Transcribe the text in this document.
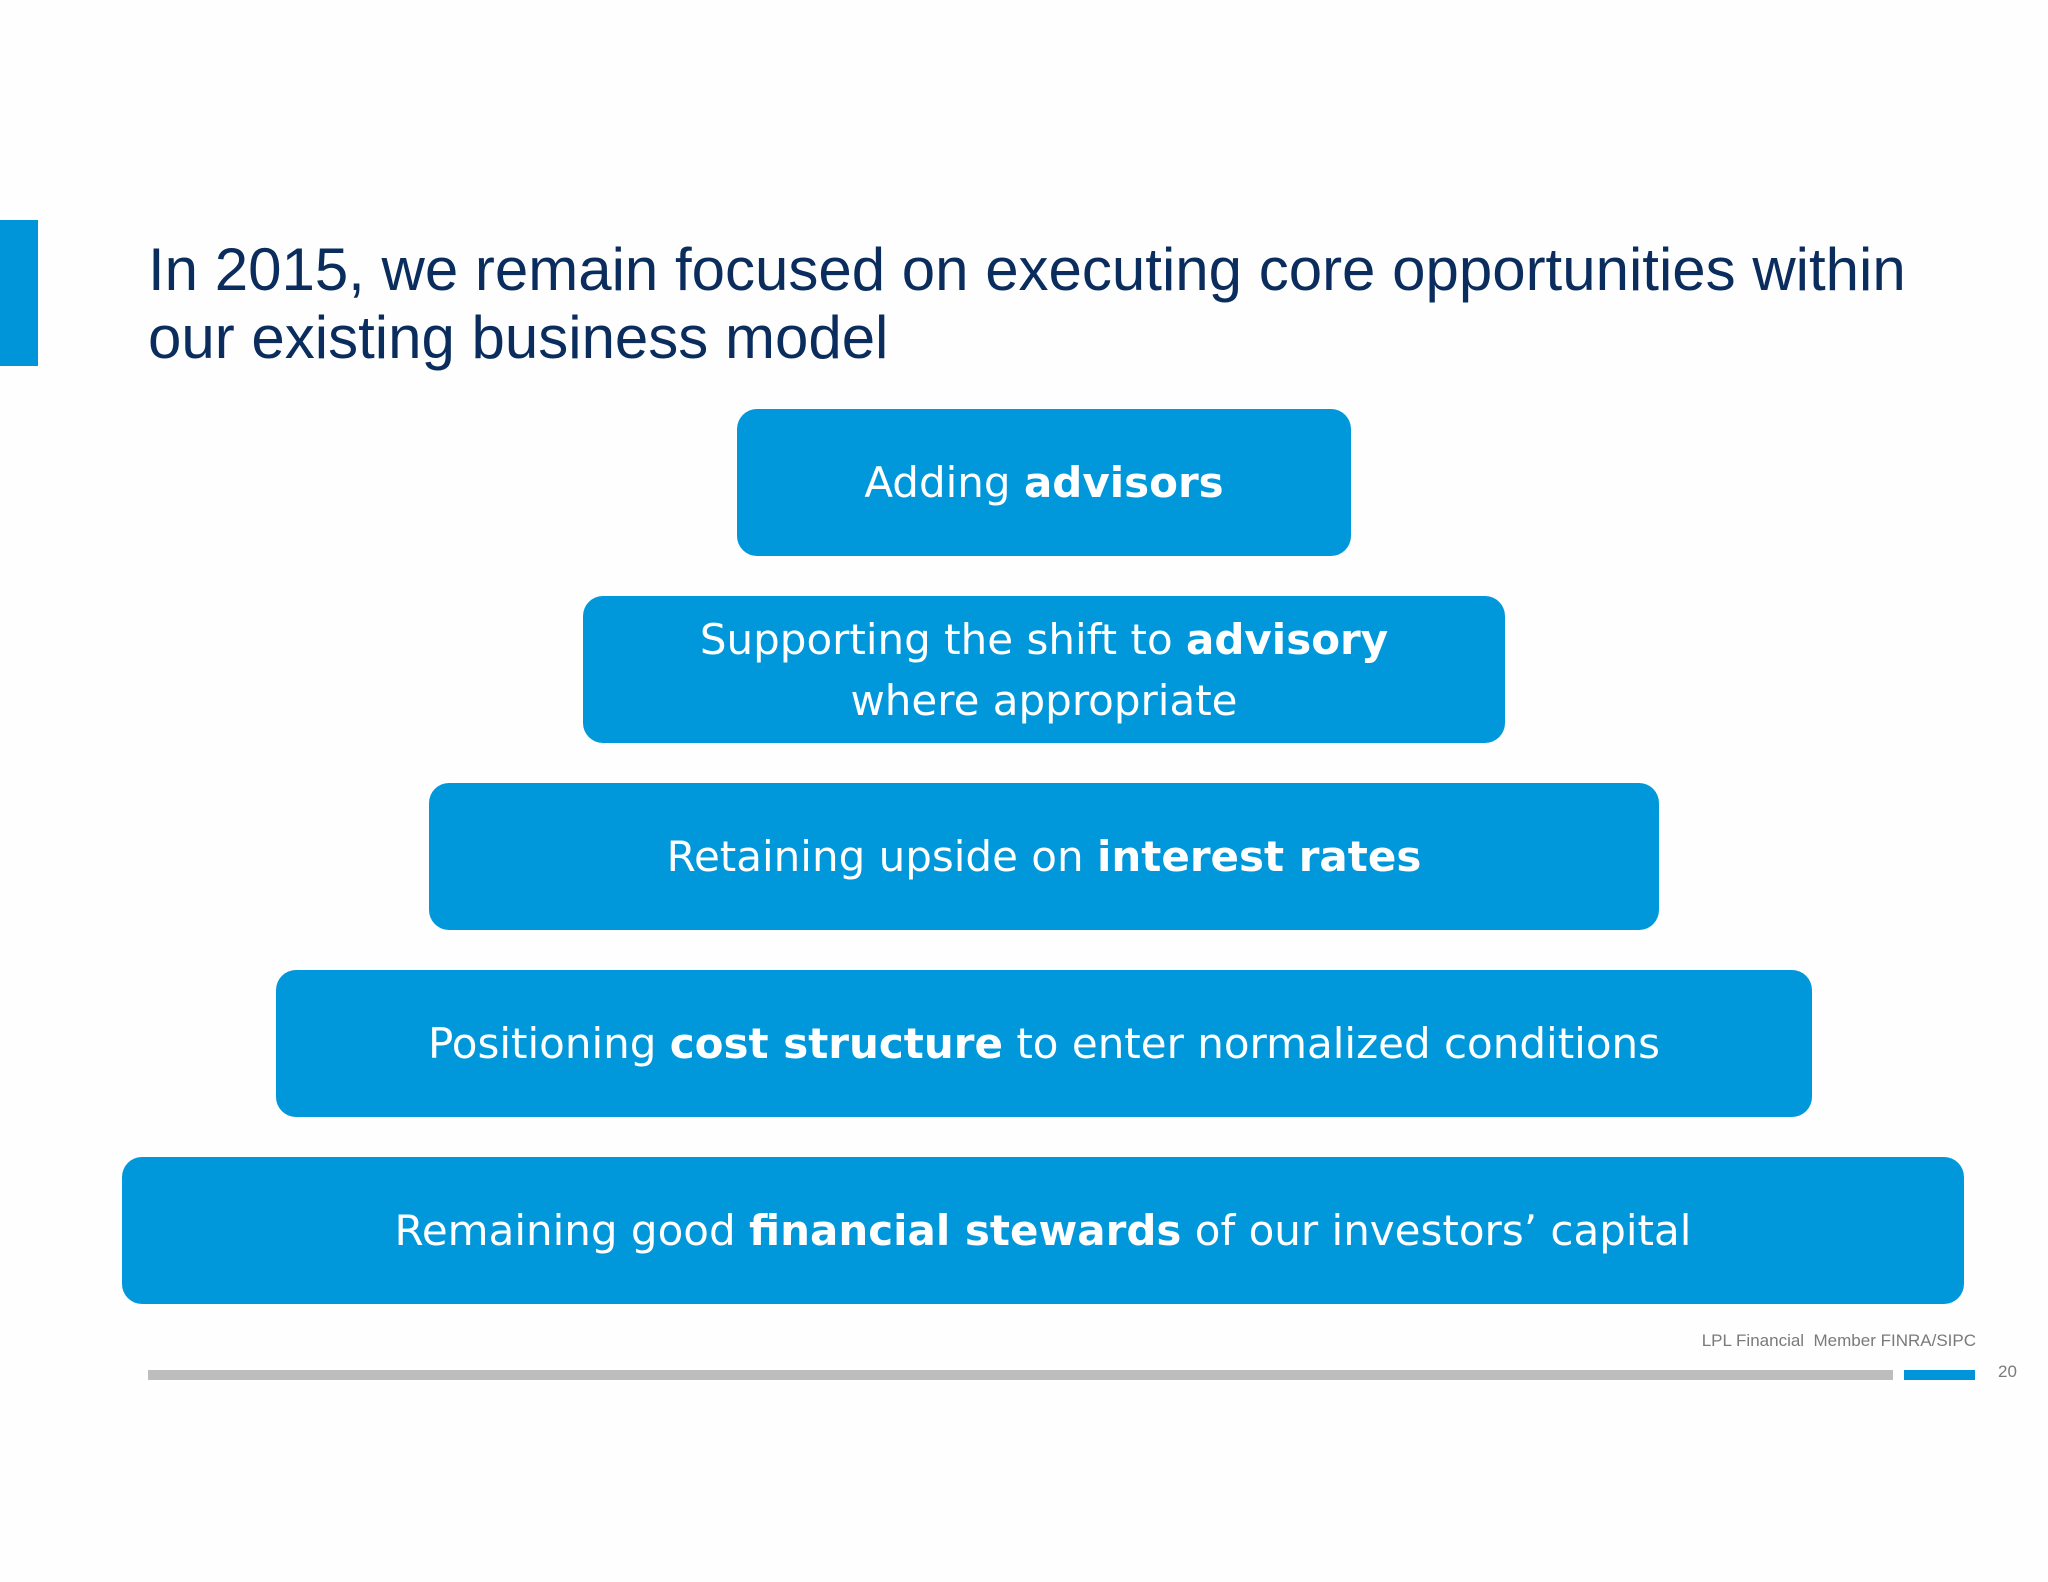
In 2015, we remain focused on executing core opportunities within our existing business model
Adding advisors
Supporting the shift to advisory
where appropriate
Retaining upside on interest rates
Positioning cost structure to enter normalized conditions
Remaining good financial stewards of our investors’ capital
LPL Financial  Member FINRA/SIPC
20
